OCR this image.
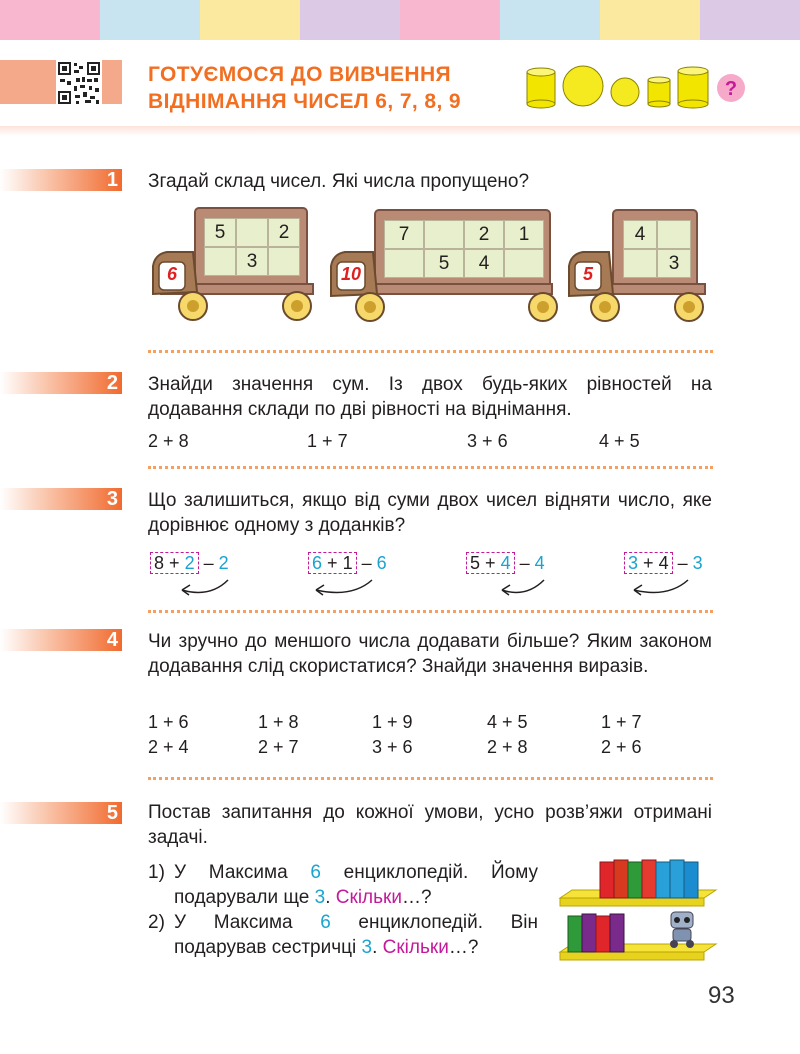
ГОТУЄМОСЯ ДО ВИВЧЕННЯ
ВІДНІМАННЯ ЧИСЕЛ 6, 7, 8, 9
?
1 Згадай склад чисел. Які числа пропущено?
6	10	5
5	2
3
7	2	1
5	4
4
3
2 Знайди значення сум. Із двох будь-яких рівностей на додавання склади по дві рівності на віднімання.
2 + 8	1 + 7	3 + 6	4 + 5
3 Що залишиться, якщо від суми двох чисел відняти число, яке дорівнює одному з доданків?
8 + 2 – 2	6 + 1 – 6	5 + 4 – 4	3 + 4 – 3
4 Чи зручно до меншого числа додавати більше? Яким законом додавання слід скористатися? Знайди значення виразів.
1 + 6	1 + 8	1 + 9	4 + 5	1 + 7
2 + 4	2 + 7	3 + 6	2 + 8	2 + 6
5 Постав запитання до кожної умови, усно розв’яжи отримані задачі.
1) У Максима 6 енциклопедій. Йому подарували ще 3. Скільки…?
2) У Максима 6 енциклопедій. Він подарував сестричці 3. Скільки…?
93
